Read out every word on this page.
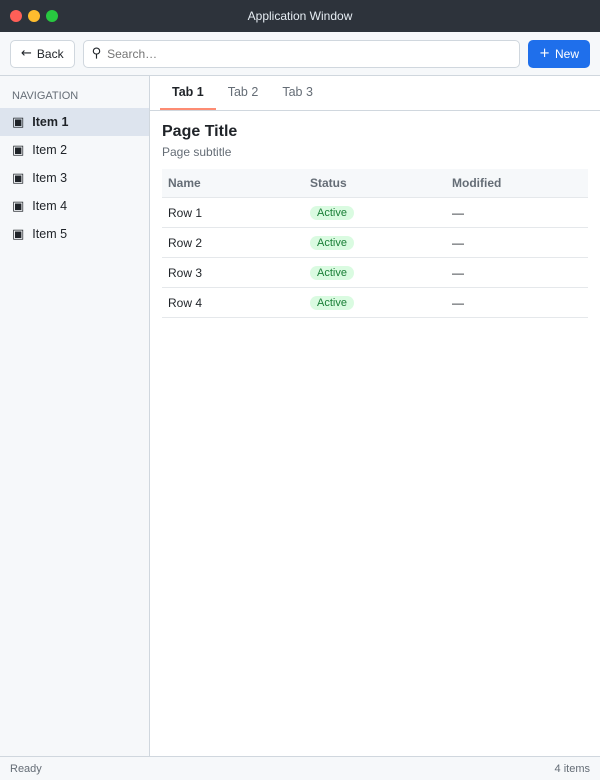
Application Window
← Back ⚲
Search…	+ New
NAVIGATION
▣ Item 1
▣ Item 2
▣ Item 3
▣ Item 4
▣ Item 5
Tab 1	Tab 2	Tab 3
Page Title
Page subtitle
Name	Status	Modified
Row 1	Active	—
Row 2	Active	—
Row 3	Active	—
Row 4	Active	—
Ready	4 items
